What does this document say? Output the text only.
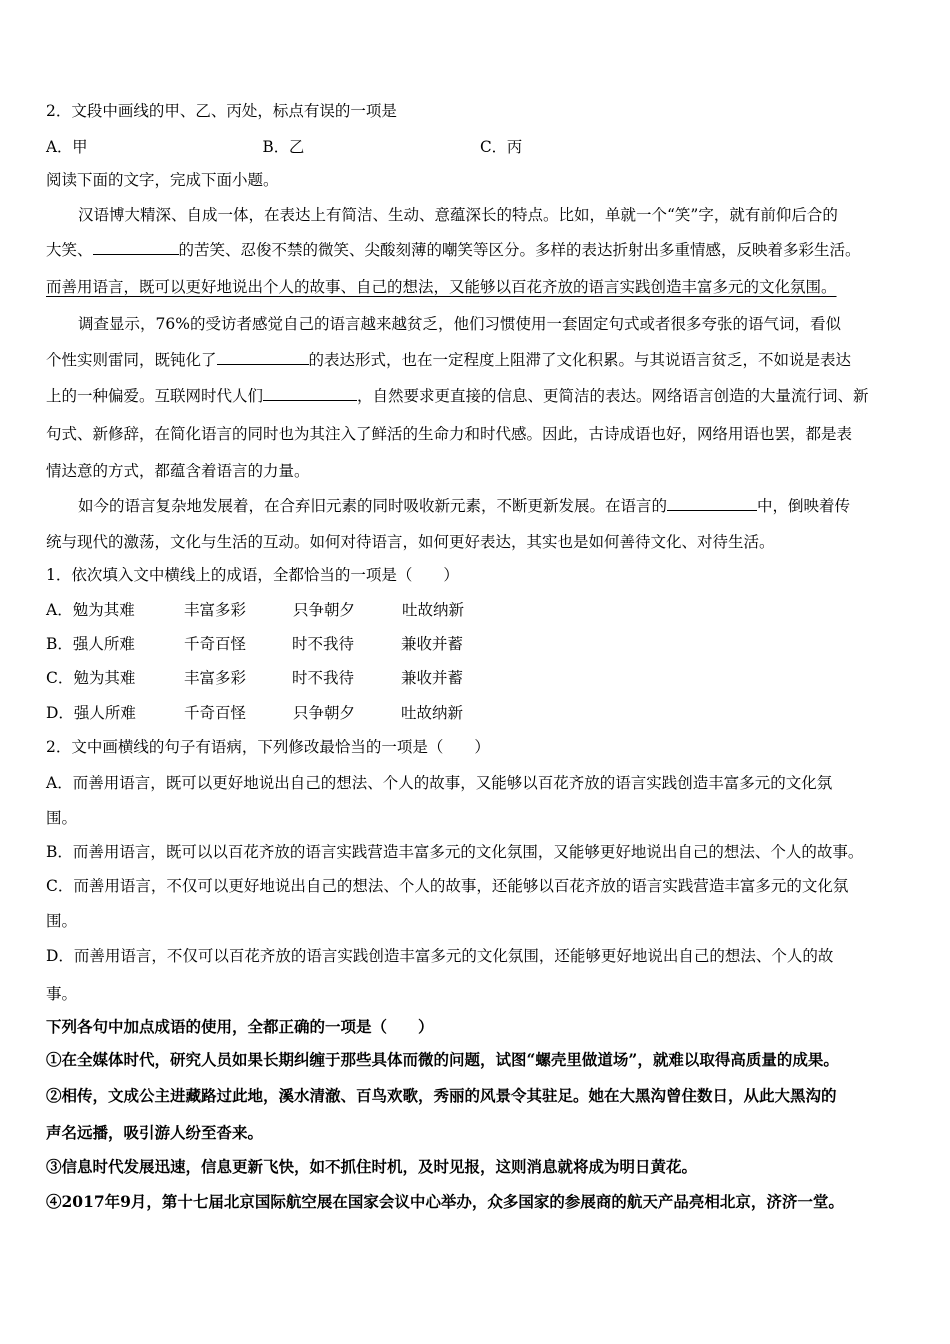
2．文段中画线的甲、乙、丙处，标点有误的一项是
A．甲	B．乙	C．丙
阅读下面的文字，完成下面小题。
汉语博大精深、自成一体，在表达上有简洁、生动、意蕴深长的特点。比如，单就一个“笑”字，就有前仰后合的
大笑、	的苦笑、忍俊不禁的微笑、尖酸刻薄的嘲笑等区分。多样的表达折射出多重情感，反映着多彩生活。
而善用语言，既可以更好地说出个人的故事、自己的想法，又能够以百花齐放的语言实践创造丰富多元的文化氛围。
调查显示，76%的受访者感觉自己的语言越来越贫乏，他们习惯使用一套固定句式或者很多夸张的语气词，看似
个性实则雷同，既钝化了	的表达形式，也在一定程度上阻滞了文化积累。与其说语言贫乏，不如说是表达
上的一种偏爱。互联网时代人们	，自然要求更直接的信息、更简洁的表达。网络语言创造的大量流行词、新
句式、新修辞，在简化语言的同时也为其注入了鲜活的生命力和时代感。因此，古诗成语也好，网络用语也罢，都是表
情达意的方式，都蕴含着语言的力量。
如今的语言复杂地发展着，在合弃旧元素的同时吸收新元素，不断更新发展。在语言的	中，倒映着传
统与现代的激荡，文化与生活的互动。如何对待语言，如何更好表达，其实也是如何善待文化、对待生活。
1．依次填入文中横线上的成语，全都恰当的一项是（　　）
A．勉为其难	丰富多彩	只争朝夕	吐故纳新
B．强人所难	千奇百怪	时不我待	兼收并蓄
C．勉为其难	丰富多彩	时不我待	兼收并蓄
D．强人所难	千奇百怪	只争朝夕	吐故纳新
2．文中画横线的句子有语病，下列修改最恰当的一项是（　　）
A．而善用语言，既可以更好地说出自己的想法、个人的故事，又能够以百花齐放的语言实践创造丰富多元的文化氛
围。
B．而善用语言，既可以以百花齐放的语言实践营造丰富多元的文化氛围，又能够更好地说出自己的想法、个人的故事。
C．而善用语言，不仅可以更好地说出自己的想法、个人的故事，还能够以百花齐放的语言实践营造丰富多元的文化氛
围。
D．而善用语言，不仅可以百花齐放的语言实践创造丰富多元的文化氛围，还能够更好地说出自己的想法、个人的故
事。
下列各句中加点成语的使用，全都正确的一项是（　　）
①在全媒体时代，研究人员如果长期纠缠于那些具体而微的问题，试图“螺壳里做道场”，就难以取得高质量的成果。
②相传，文成公主进藏路过此地，溪水清澈、百鸟欢歌，秀丽的风景令其驻足。她在大黑沟曾住数日，从此大黑沟的
声名远播，吸引游人纷至沓来。
③信息时代发展迅速，信息更新飞快，如不抓住时机，及时见报，这则消息就将成为明日黄花。
④2017年9月，第十七届北京国际航空展在国家会议中心举办，众多国家的参展商的航天产品亮相北京，济济一堂。
